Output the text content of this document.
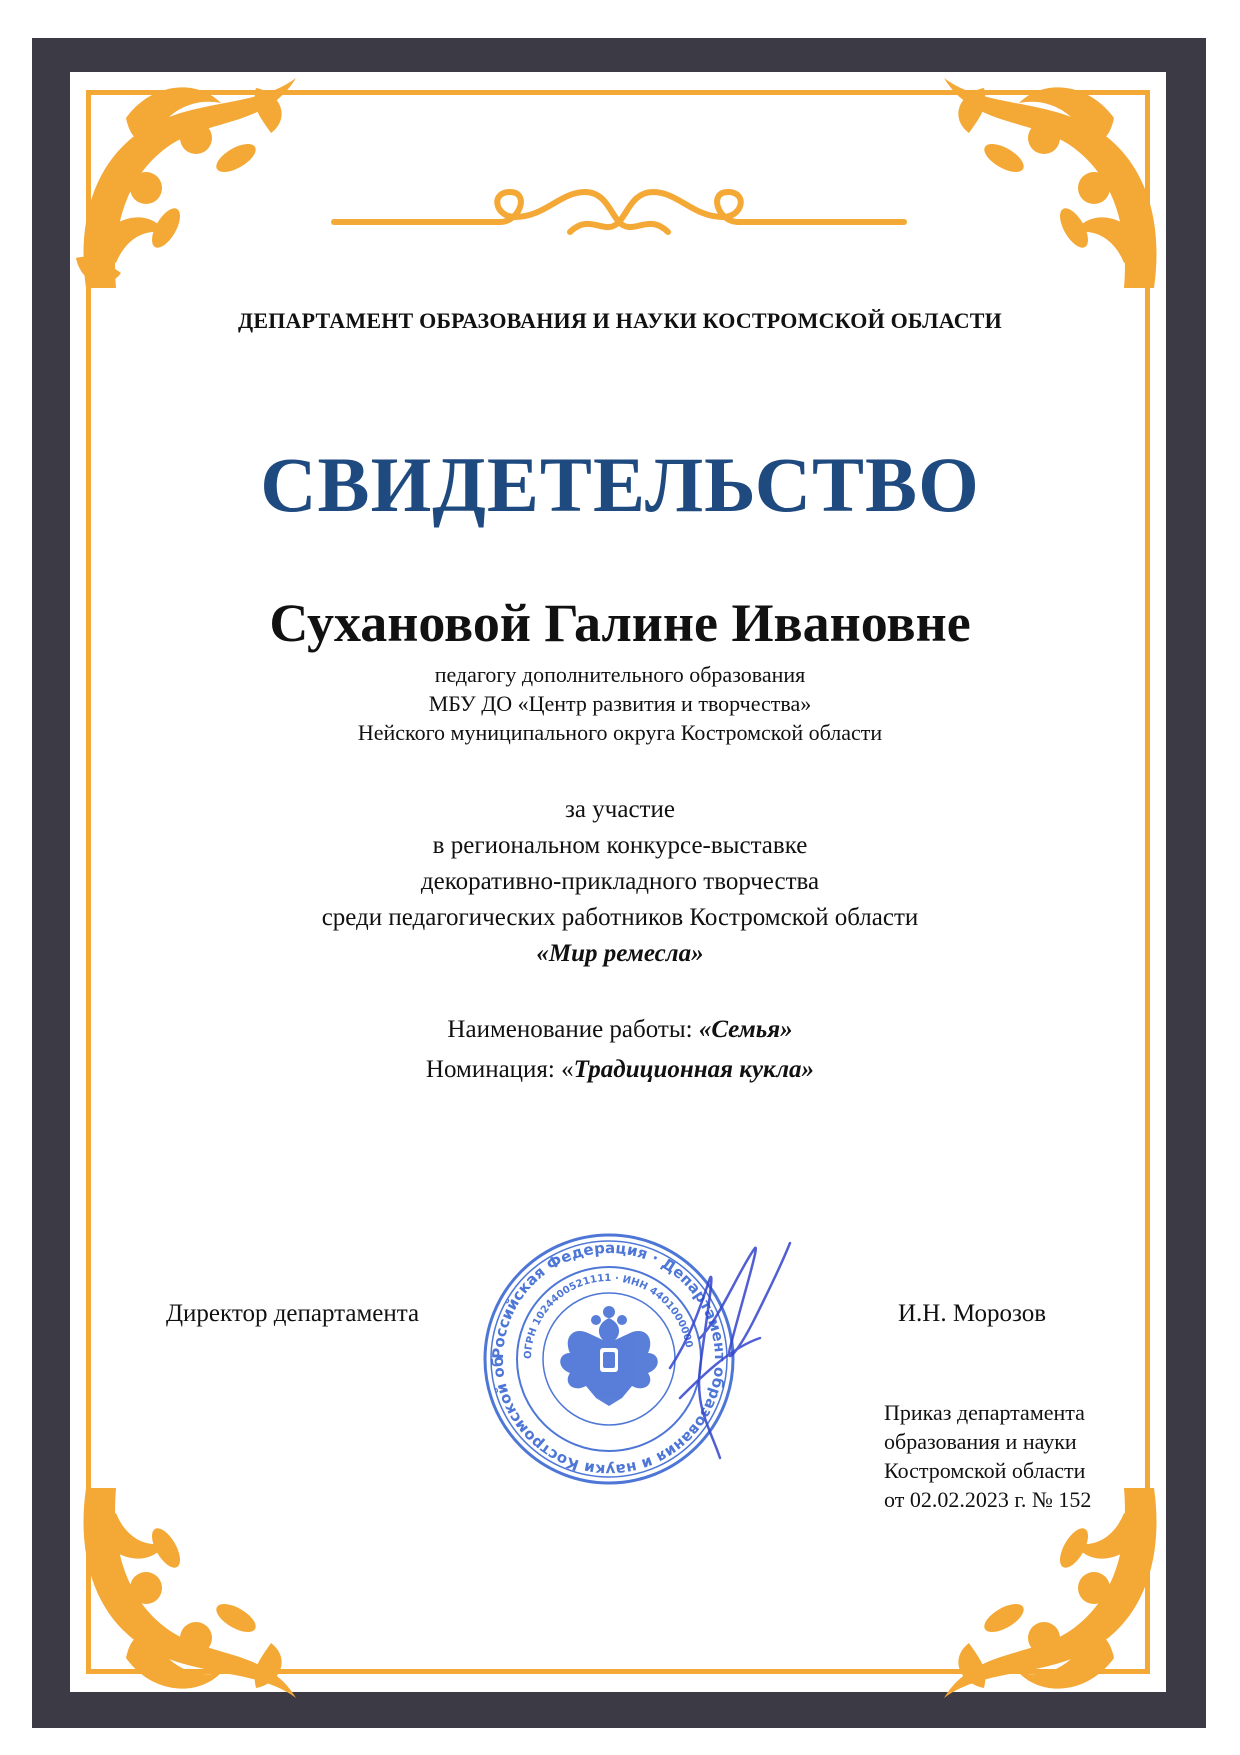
ДЕПАРТАМЕНТ ОБРАЗОВАНИЯ И НАУКИ КОСТРОМСКОЙ ОБЛАСТИ
СВИДЕТЕЛЬСТВО
Сухановой Галине Ивановне
педагогу дополнительного образования
МБУ ДО «Центр развития и творчества»
Нейского муниципального округа Костромской области
за участие
в региональном конкурсе-выставке
декоративно-прикладного творчества
среди педагогических работников Костромской области
«Мир ремесла»
Наименование работы: «Семья»
Номинация: «Традиционная кукла»
Директор департамента	И.Н. Морозов
Российская Федерация · Департамент образования и науки Костромской об
ОГРН 1024400521111 · ИНН 4401000000
Приказ департамента
образования и науки
Костромской области
от 02.02.2023 г. № 152
